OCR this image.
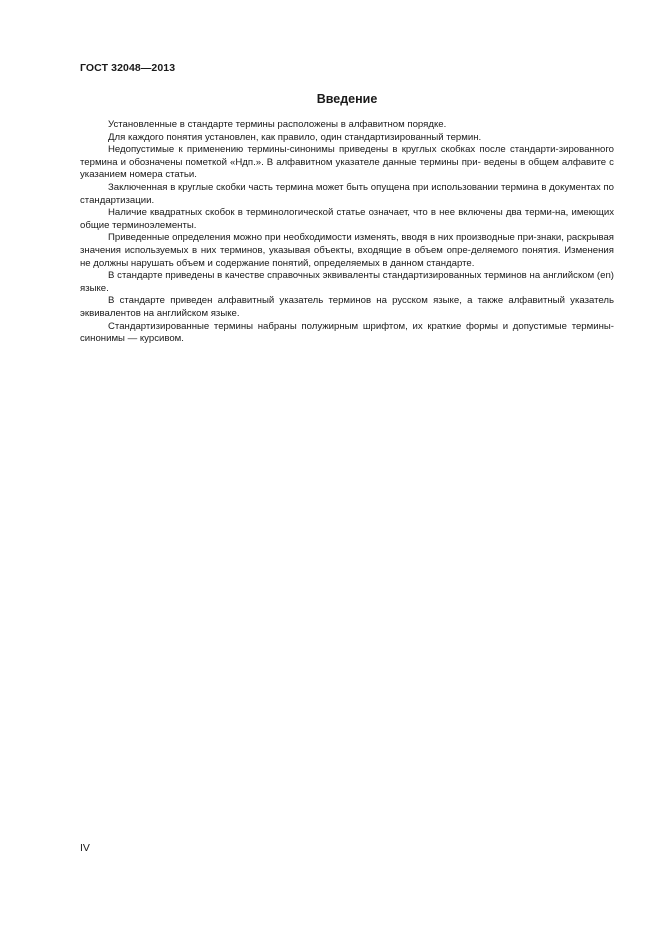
ГОСТ 32048—2013
Введение

Установленные в стандарте термины расположены в алфавитном порядке.

Для каждого понятия установлен, как правило, один стандартизированный термин.

Недопустимые к применению термины-синонимы приведены в круглых скобках после стандарти-зированного термина и обозначены пометкой «Ндп.». В алфавитном указателе данные термины при- ведены в общем алфавите с указанием номера статьи.

Заключенная в круглые скобки часть термина может быть опущена при использовании термина в документах по стандартизации.

Наличие квадратных скобок в терминологической статье означает, что в нее включены два терми-на, имеющих общие терминоэлементы.

Приведенные определения можно при необходимости изменять, вводя в них производные при-знаки, раскрывая значения используемых в них терминов, указывая объекты, входящие в объем опре-деляемого понятия. Изменения не должны нарушать объем и содержание понятий, определяемых в данном стандарте.

В стандарте приведены в качестве справочных эквиваленты стандартизированных терминов на английском (en) языке.

В стандарте приведен алфавитный указатель терминов на русском языке, а также алфавитный указатель эквивалентов на английском языке.

Стандартизированные термины набраны полужирным шрифтом, их краткие формы и допустимые термины-синонимы — курсивом.

IV
